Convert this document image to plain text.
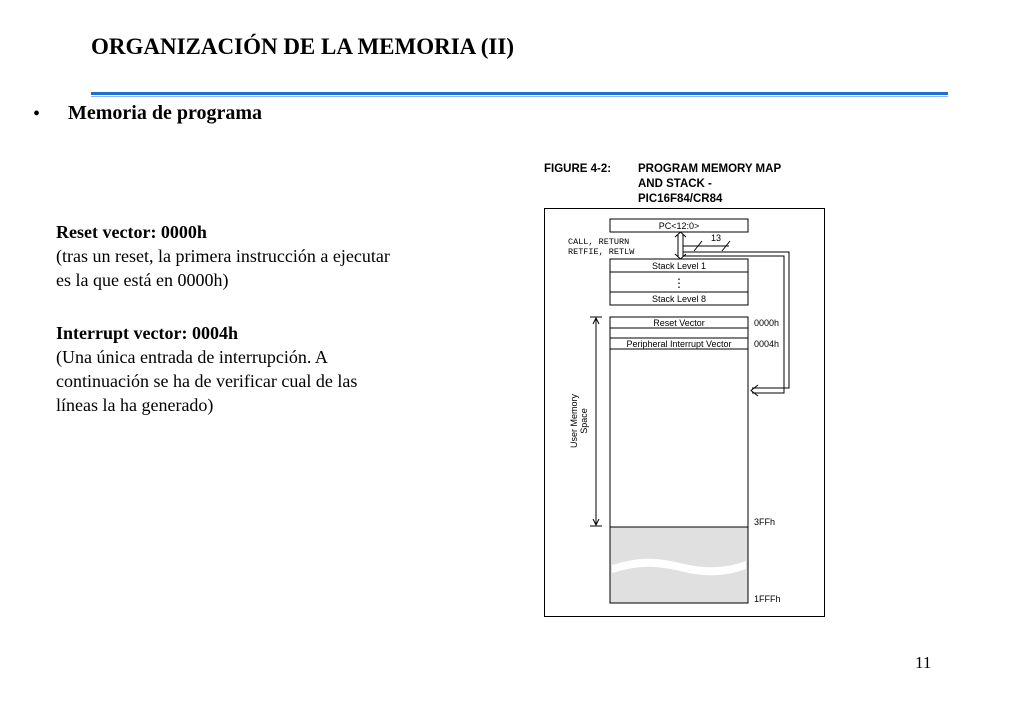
ORGANIZACIÓN DE LA MEMORIA (II)
• Memoria de programa
Reset vector: 0000h
(tras un reset, la primera instrucción a ejecutar es la que está en 0000h)
Interrupt vector: 0004h
(Una única entrada de interrupción. A continuación se ha de verificar cual de las líneas la ha generado)
FIGURE 4-2: PROGRAM MEMORY MAP
AND STACK -
PIC16F84/CR84
PC<12:0>
CALL, RETURN
RETFIE, RETLW
13
Stack Level 1
⋮
Stack Level 8
Reset Vector
Peripheral Interrupt Vector
0000h
0004h
3FFh
1FFFh
User Memory Space
11
